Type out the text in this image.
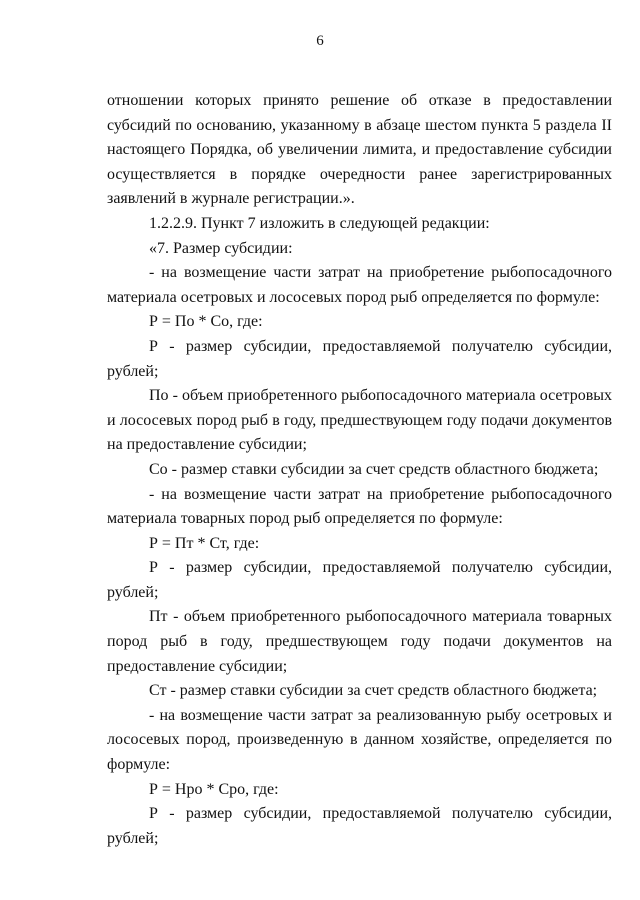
6

отношении которых принято решение об отказе в предоставлении субсидий по основанию, указанному в абзаце шестом пункта 5 раздела II настоящего Порядка, об увеличении лимита, и предоставление субсидии осуществляется в порядке очередности ранее зарегистрированных заявлений в журнале регистрации.».

1.2.2.9. Пункт 7 изложить в следующей редакции:

«7. Размер субсидии:

- на возмещение части затрат на приобретение рыбопосадочного материала осетровых и лососевых пород рыб определяется по формуле:

Р = По * Со, где:

Р - размер субсидии, предоставляемой получателю субсидии, рублей;

По - объем приобретенного рыбопосадочного материала осетровых и лососевых пород рыб в году, предшествующем году подачи документов на предоставление субсидии;

Со - размер ставки субсидии за счет средств областного бюджета;

- на возмещение части затрат на приобретение рыбопосадочного материала товарных пород рыб определяется по формуле:

Р = Пт * Ст, где:

Р - размер субсидии, предоставляемой получателю субсидии, рублей;

Пт - объем приобретенного рыбопосадочного материала товарных пород рыб в году, предшествующем году подачи документов на предоставление субсидии;

Ст - размер ставки субсидии за счет средств областного бюджета;

- на возмещение части затрат за реализованную рыбу осетровых и лососевых пород, произведенную в данном хозяйстве, определяется по формуле:

Р = Нро * Сро, где:

Р - размер субсидии, предоставляемой получателю субсидии, рублей;
